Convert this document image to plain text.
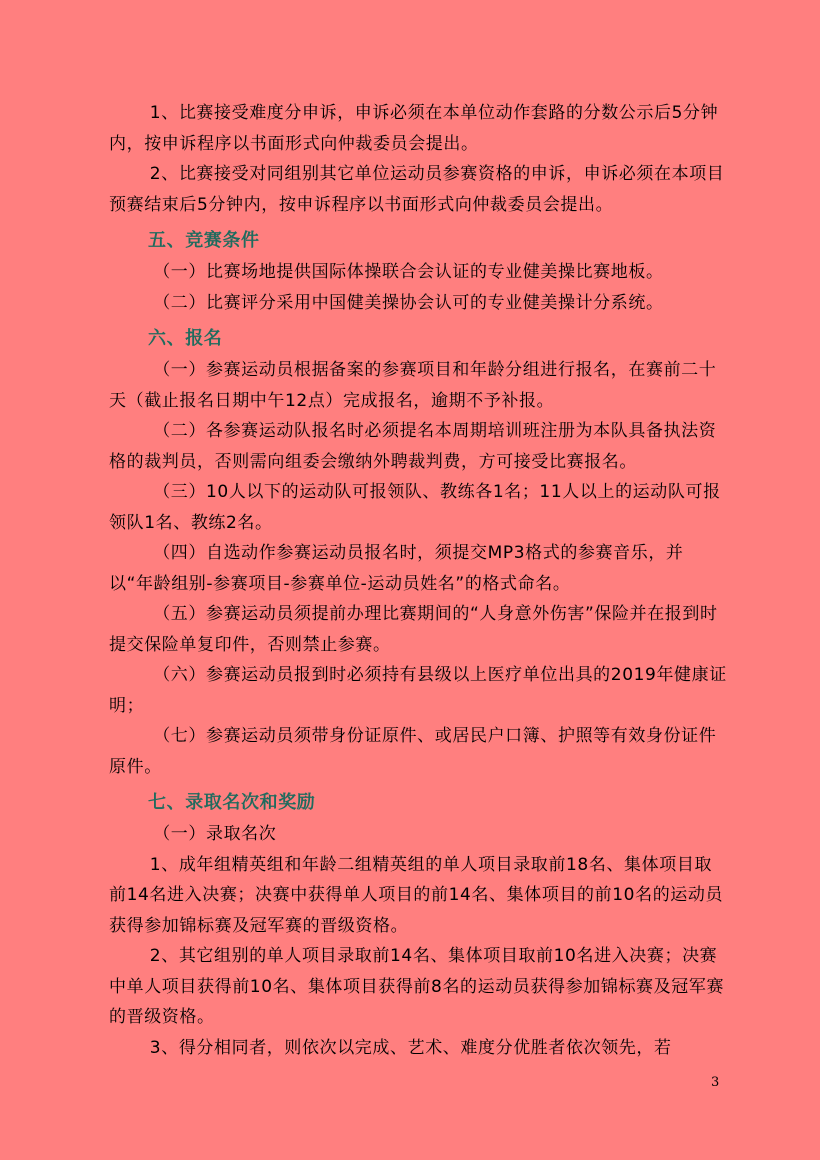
1、比赛接受难度分申诉，申诉必须在本单位动作套路的分数公示后5分钟内，按申诉程序以书面形式向仲裁委员会提出。

2、比赛接受对同组别其它单位运动员参赛资格的申诉，申诉必须在本项目预赛结束后5分钟内，按申诉程序以书面形式向仲裁委员会提出。

五、竞赛条件

（一）比赛场地提供国际体操联合会认证的专业健美操比赛地板。

（二）比赛评分采用中国健美操协会认可的专业健美操计分系统。

六、报名

（一）参赛运动员根据备案的参赛项目和年龄分组进行报名，在赛前二十天（截止报名日期中午12点）完成报名，逾期不予补报。

（二）各参赛运动队报名时必须提名本周期培训班注册为本队具备执法资格的裁判员，否则需向组委会缴纳外聘裁判费，方可接受比赛报名。

（三）10人以下的运动队可报领队、教练各1名；11人以上的运动队可报领队1名、教练2名。

（四）自选动作参赛运动员报名时，须提交MP3格式的参赛音乐，并

以“年龄组别-参赛项目-参赛单位-运动员姓名”的格式命名。

（五）参赛运动员须提前办理比赛期间的“人身意外伤害”保险并在报到时提交保险单复印件，否则禁止参赛。

（六）参赛运动员报到时必须持有县级以上医疗单位出具的2019年健康证明；

（七）参赛运动员须带身份证原件、或居民户口簿、护照等有效身份证件原件。

七、录取名次和奖励

（一）录取名次

1、成年组精英组和年龄二组精英组的单人项目录取前18名、集体项目取前14名进入决赛；决赛中获得单人项目的前14名、集体项目的前10名的运动员获得参加锦标赛及冠军赛的晋级资格。

2、其它组别的单人项目录取前14名、集体项目取前10名进入决赛；决赛中单人项目获得前10名、集体项目获得前8名的运动员获得参加锦标赛及冠军赛的晋级资格。

3、得分相同者，则依次以完成、艺术、难度分优胜者依次领先，若

3
